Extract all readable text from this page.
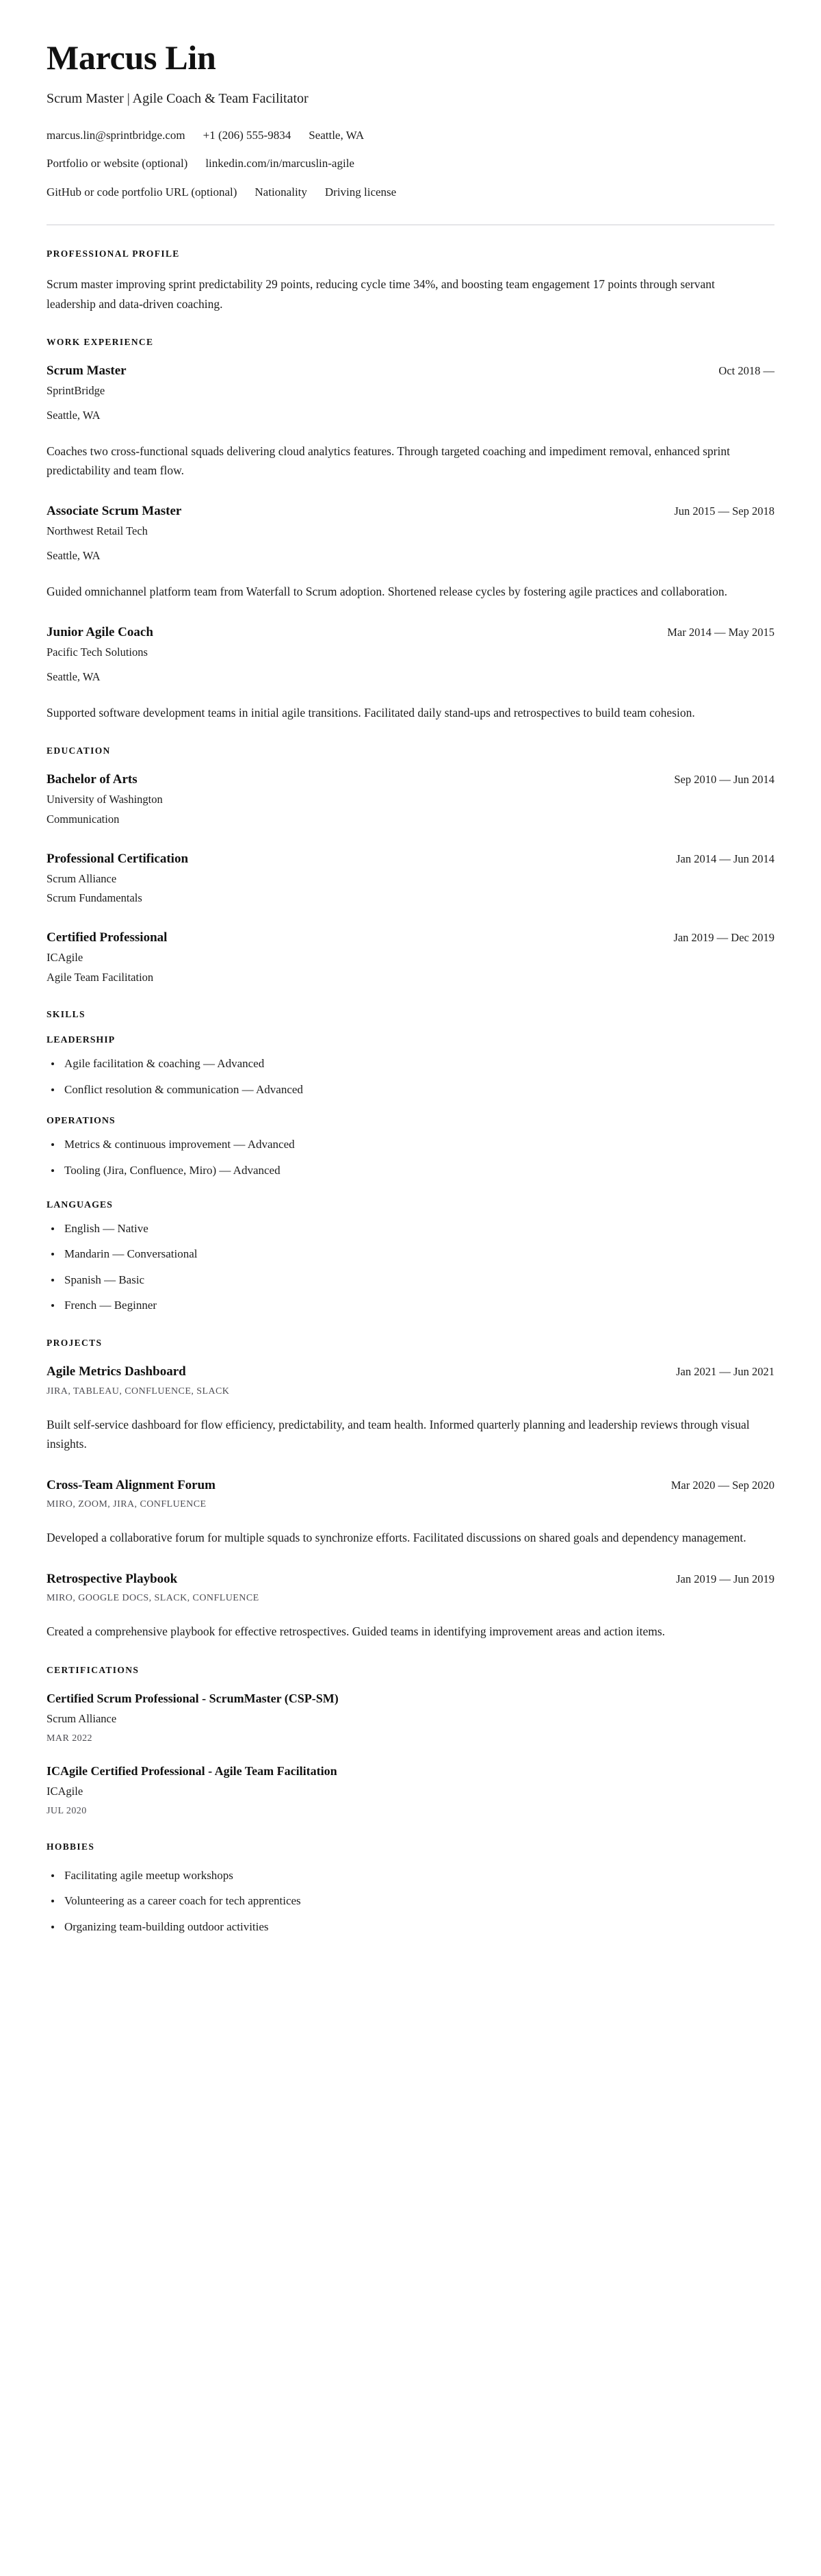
Marcus Lin
Scrum Master | Agile Coach & Team Facilitator
marcus.lin@sprintbridge.com +1 (206) 555-9834 Seattle, WA
Portfolio or website (optional) linkedin.com/in/marcuslin-agile
GitHub or code portfolio URL (optional) Nationality Driving license
PROFESSIONAL PROFILE

Scrum master improving sprint predictability 29 points, reducing cycle time 34%, and boosting team engagement 17 points through servant leadership and data-driven coaching.

WORK EXPERIENCE
Scrum Master	Oct 2018 —
SprintBridge
Seattle, WA
Coaches two cross-functional squads delivering cloud analytics features. Through targeted coaching and impediment removal, enhanced sprint predictability and team flow.
Associate Scrum Master	Jun 2015 — Sep 2018
Northwest Retail Tech
Seattle, WA
Guided omnichannel platform team from Waterfall to Scrum adoption. Shortened release cycles by fostering agile practices and collaboration.
Junior Agile Coach	Mar 2014 — May 2015
Pacific Tech Solutions
Seattle, WA
Supported software development teams in initial agile transitions. Facilitated daily stand-ups and retrospectives to build team cohesion.
EDUCATION
Bachelor of Arts	Sep 2010 — Jun 2014
University of Washington
Communication
Professional Certification	Jan 2014 — Jun 2014
Scrum Alliance
Scrum Fundamentals
Certified Professional	Jan 2019 — Dec 2019
ICAgile
Agile Team Facilitation
SKILLS
LEADERSHIP
Agile facilitation & coaching — Advanced
Conflict resolution & communication — Advanced
OPERATIONS
Metrics & continuous improvement — Advanced
Tooling (Jira, Confluence, Miro) — Advanced
LANGUAGES
English — Native
Mandarin — Conversational
Spanish — Basic
French — Beginner
PROJECTS
Agile Metrics Dashboard	Jan 2021 — Jun 2021
JIRA, TABLEAU, CONFLUENCE, SLACK
Built self-service dashboard for flow efficiency, predictability, and team health. Informed quarterly planning and leadership reviews through visual insights.
Cross-Team Alignment Forum	Mar 2020 — Sep 2020
MIRO, ZOOM, JIRA, CONFLUENCE
Developed a collaborative forum for multiple squads to synchronize efforts. Facilitated discussions on shared goals and dependency management.
Retrospective Playbook	Jan 2019 — Jun 2019
MIRO, GOOGLE DOCS, SLACK, CONFLUENCE
Created a comprehensive playbook for effective retrospectives. Guided teams in identifying improvement areas and action items.
CERTIFICATIONS
Certified Scrum Professional - ScrumMaster (CSP-SM)
Scrum Alliance
MAR 2022
ICAgile Certified Professional - Agile Team Facilitation
ICAgile
JUL 2020
HOBBIES
Facilitating agile meetup workshops
Volunteering as a career coach for tech apprentices
Organizing team-building outdoor activities
